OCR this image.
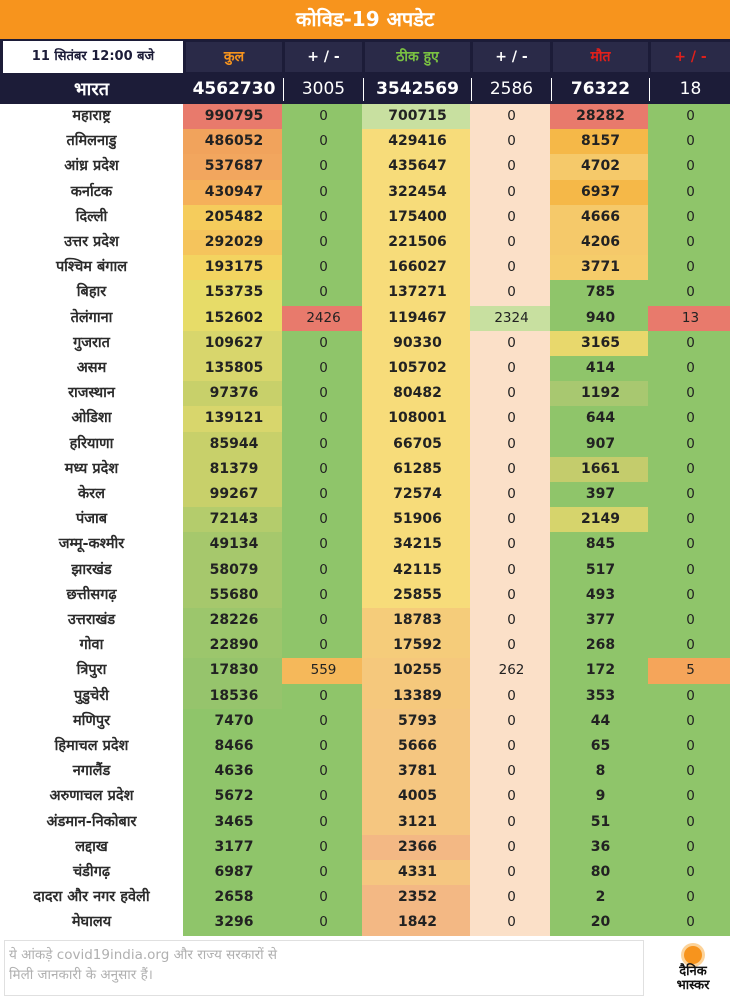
कोविड-19 अपडेट
11 सितंबर 12:00 बजे	कुल	+ / -	ठीक हुए	+ / -	मौत	+ / -
भारत	4562730	3005	3542569	2586	76322	18
महाराष्ट्र	990795	0	700715	0	28282	0
तमिलनाडु	486052	0	429416	0	8157	0
आंध्र प्रदेश	537687	0	435647	0	4702	0
कर्नाटक	430947	0	322454	0	6937	0
दिल्ली	205482	0	175400	0	4666	0
उत्तर प्रदेश	292029	0	221506	0	4206	0
पश्चिम बंगाल	193175	0	166027	0	3771	0
बिहार	153735	0	137271	0	785	0
तेलंगाना	152602	2426	119467	2324	940	13
गुजरात	109627	0	90330	0	3165	0
असम	135805	0	105702	0	414	0
राजस्थान	97376	0	80482	0	1192	0
ओडिशा	139121	0	108001	0	644	0
हरियाणा	85944	0	66705	0	907	0
मध्य प्रदेश	81379	0	61285	0	1661	0
केरल	99267	0	72574	0	397	0
पंजाब	72143	0	51906	0	2149	0
जम्मू-कश्मीर	49134	0	34215	0	845	0
झारखंड	58079	0	42115	0	517	0
छत्तीसगढ़	55680	0	25855	0	493	0
उत्तराखंड	28226	0	18783	0	377	0
गोवा	22890	0	17592	0	268	0
त्रिपुरा	17830	559	10255	262	172	5
पुडुचेरी	18536	0	13389	0	353	0
मणिपुर	7470	0	5793	0	44	0
हिमाचल प्रदेश	8466	0	5666	0	65	0
नगालैंड	4636	0	3781	0	8	0
अरुणाचल प्रदेश	5672	0	4005	0	9	0
अंडमान-निकोबार	3465	0	3121	0	51	0
लद्दाख	3177	0	2366	0	36	0
चंडीगढ़	6987	0	4331	0	80	0
दादरा और नगर हवेली	2658	0	2352	0	2	0
मेघालय	3296	0	1842	0	20	0
ये आंकड़े covid19india.org और राज्य सरकारों से
मिली जानकारी के अनुसार हैं।	दैनिक
भास्कर
